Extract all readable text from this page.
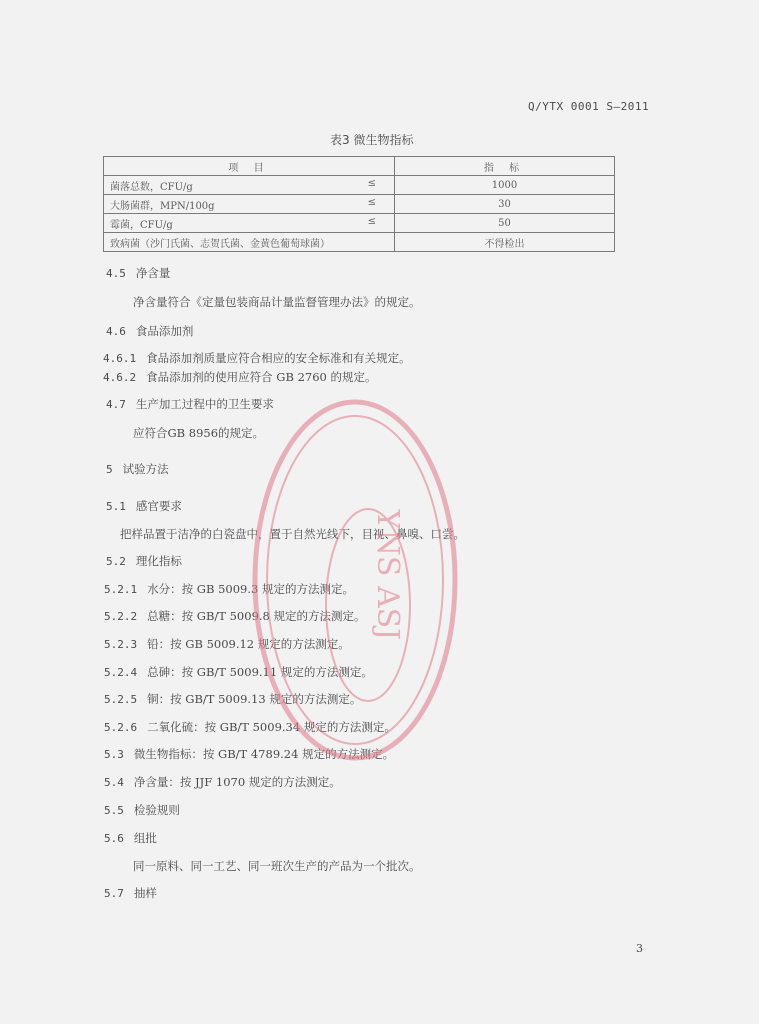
Q/YTX 0001 S—2011
表3 微生物指标
项 目	指 标
菌落总数，CFU/g ≤	1000
大肠菌群，MPN/100g ≤	30
霉菌，CFU/g ≤	50
致病菌（沙门氏菌、志贺氏菌、金黄色葡萄球菌）	不得检出
4.5 净含量
净含量符合《定量包装商品计量监督管理办法》的规定。
4.6 食品添加剂
4.6.1 食品添加剂质量应符合相应的安全标准和有关规定。
4.6.2 食品添加剂的使用应符合 GB 2760 的规定。
4.7 生产加工过程中的卫生要求
应符合GB 8956的规定。
5 试验方法
5.1 感官要求
把样品置于洁净的白瓷盘中，置于自然光线下，目视、鼻嗅、口尝。
5.2 理化指标
5.2.1 水分：按 GB 5009.3 规定的方法测定。
5.2.2 总糖：按 GB/T 5009.8 规定的方法测定。
5.2.3 铅：按 GB 5009.12 规定的方法测定。
5.2.4 总砷：按 GB/T 5009.11 规定的方法测定。
5.2.5 铜：按 GB/T 5009.13 规定的方法测定。
5.2.6 二氧化硫：按 GB/T 5009.34 规定的方法测定。
5.3 微生物指标：按 GB/T 4789.24 规定的方法测定。
5.4 净含量：按 JJF 1070 规定的方法测定。
5.5 检验规则
5.6 组批
同一原料、同一工艺、同一班次生产的产品为一个批次。
5.7 抽样
3
YNS ASJ
